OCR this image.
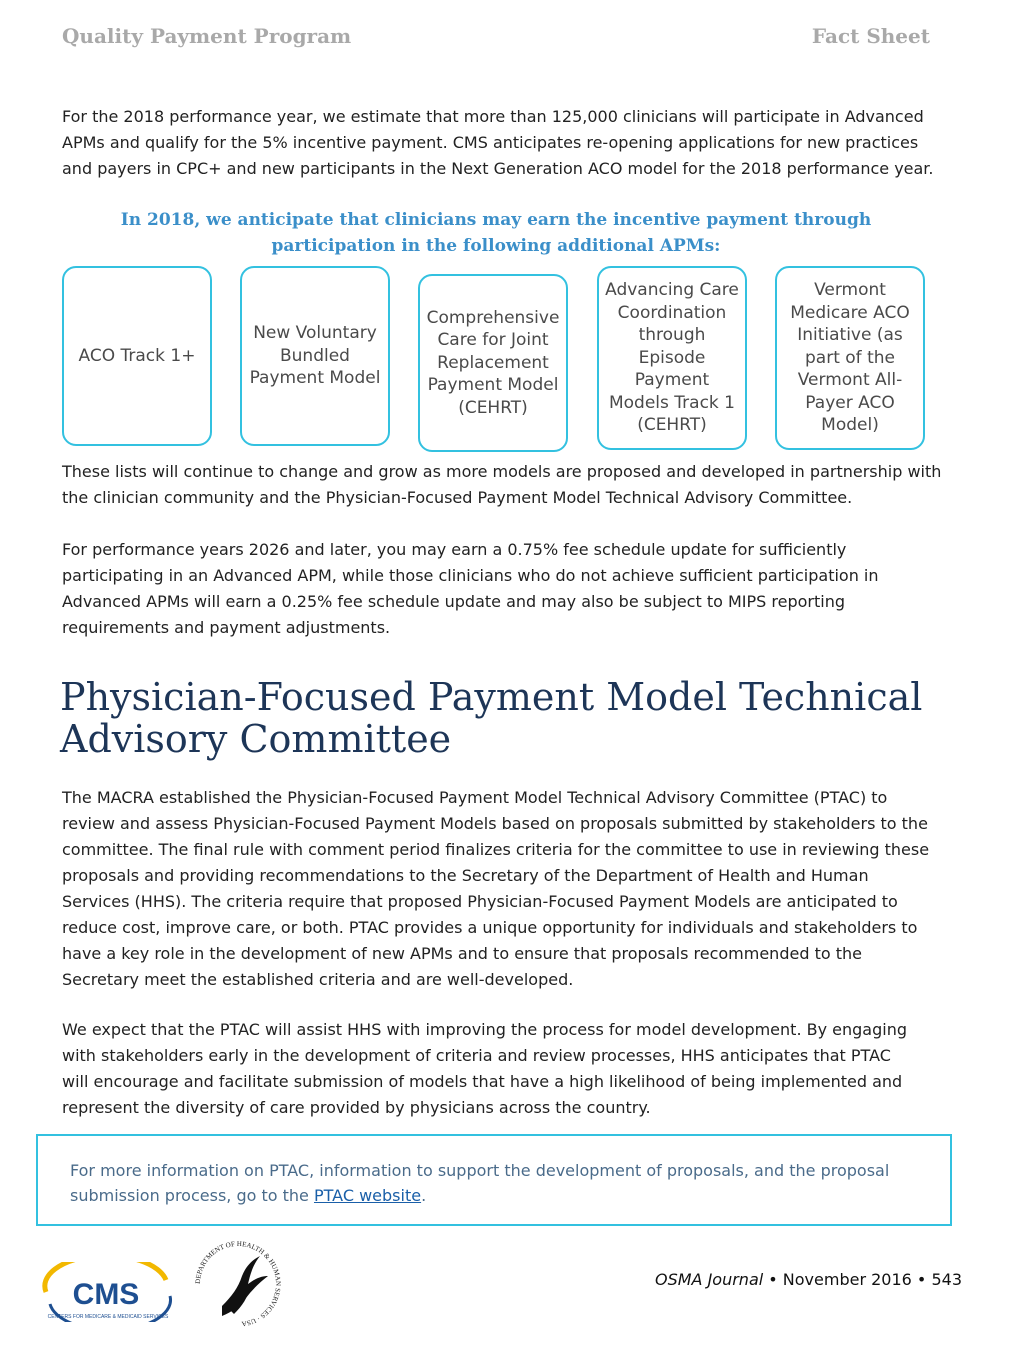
Quality Payment Program	Fact Sheet

For the 2018 performance year, we estimate that more than 125,000 clinicians will participate in Advanced APMs and qualify for the 5% incentive payment. CMS anticipates re-opening applications for new practices and payers in CPC+ and new participants in the Next Generation ACO model for the 2018 performance year.

In 2018, we anticipate that clinicians may earn the incentive payment through participation in the following additional APMs:
ACO Track 1+
New Voluntary Bundled Payment Model
Comprehensive Care for Joint Replacement Payment Model (CEHRT)
Advancing Care Coordination through Episode Payment Models Track 1 (CEHRT)
Vermont Medicare ACO Initiative (as part of the Vermont All-Payer ACO Model)

These lists will continue to change and grow as more models are proposed and developed in partnership with the clinician community and the Physician-Focused Payment Model Technical Advisory Committee.

For performance years 2026 and later, you may earn a 0.75% fee schedule update for sufficiently participating in an Advanced APM, while those clinicians who do not achieve sufficient participation in Advanced APMs will earn a 0.25% fee schedule update and may also be subject to MIPS reporting requirements and payment adjustments.

Physician-Focused Payment Model Technical Advisory Committee

The MACRA established the Physician-Focused Payment Model Technical Advisory Committee (PTAC) to review and assess Physician-Focused Payment Models based on proposals submitted by stakeholders to the committee. The final rule with comment period finalizes criteria for the committee to use in reviewing these proposals and providing recommendations to the Secretary of the Department of Health and Human Services (HHS). The criteria require that proposed Physician-Focused Payment Models are anticipated to reduce cost, improve care, or both. PTAC provides a unique opportunity for individuals and stakeholders to have a key role in the development of new APMs and to ensure that proposals recommended to the Secretary meet the established criteria and are well-developed.

We expect that the PTAC will assist HHS with improving the process for model development. By engaging with stakeholders early in the development of criteria and review processes, HHS anticipates that PTAC will encourage and facilitate submission of models that have a high likelihood of being implemented and represent the diversity of care provided by physicians across the country.

For more information on PTAC, information to support the development of proposals, and the proposal submission process, go to the PTAC website.
CMS
CENTERS FOR MEDICARE & MEDICAID SERVICES
DEPARTMENT OF HEALTH & HUMAN SERVICES · USA
OSMA Journal • November 2016 • 543
